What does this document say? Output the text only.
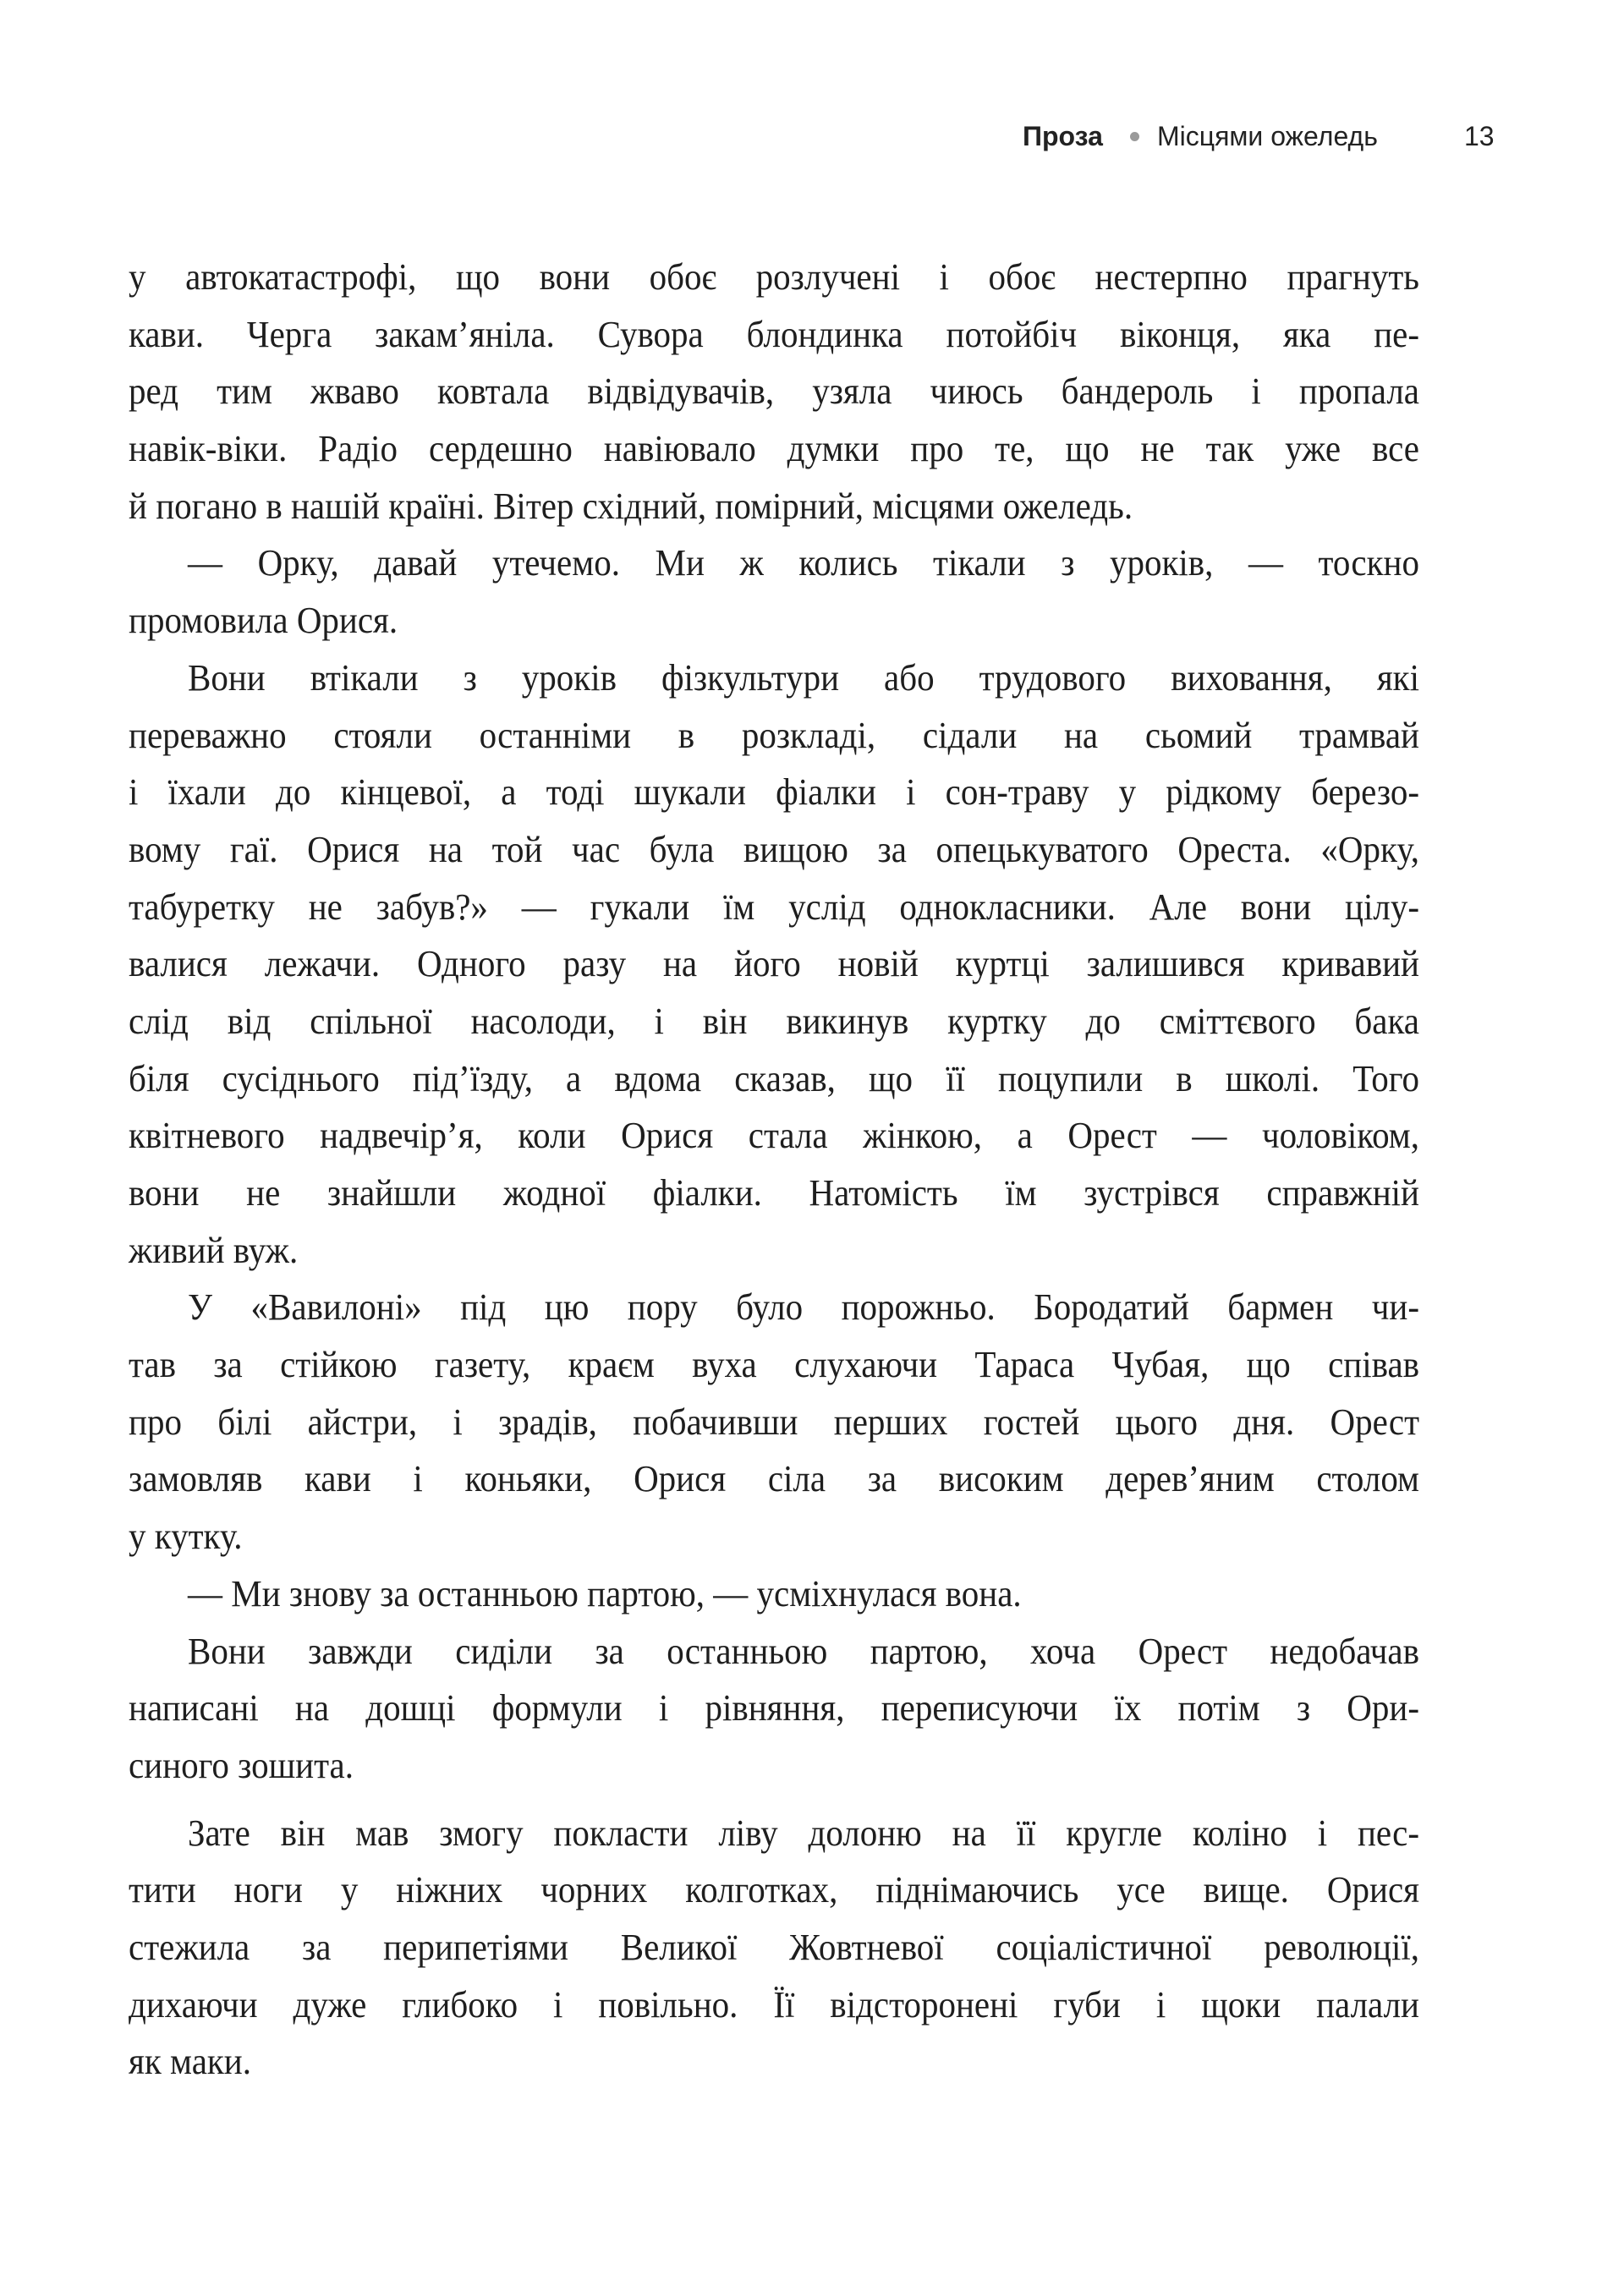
Проза Місцями ожеледь	13
у автокатастрофі, що вони обоє розлучені і обоє нестерпно прагнуть
кави. Черга закам’яніла. Сувора блондинка потойбіч віконця, яка пе-
ред тим жваво ковтала відвідувачів, узяла чиюсь бандероль і пропала
навік-віки. Радіо сердешно навіювало думки про те, що не так уже все
й погано в нашій країні. Вітер східний, помірний, місцями ожеледь.
— Орку, давай утечемо. Ми ж колись тікали з уроків, — тоскно
промовила Орися.
Вони втікали з уроків фізкультури або трудового виховання, які
переважно стояли останніми в розкладі, сідали на сьомий трамвай
і їхали до кінцевої, а тоді шукали фіалки і сон-траву у рідкому березо-
вому гаї. Орися на той час була вищою за опецькуватого Ореста. «Орку,
табуретку не забув?» — гукали їм услід однокласники. Але вони цілу-
валися лежачи. Одного разу на його новій куртці залишився кривавий
слід від спільної насолоди, і він викинув куртку до сміттєвого бака
біля сусіднього під’їзду, а вдома сказав, що її поцупили в школі. Того
квітневого надвечір’я, коли Орися стала жінкою, а Орест — чоловіком,
вони не знайшли жодної фіалки. Натомість їм зустрівся справжній
живий вуж.
У «Вавилоні» під цю пору було порожньо. Бородатий бармен чи-
тав за стійкою газету, краєм вуха слухаючи Тараса Чубая, що співав
про білі айстри, і зрадів, побачивши перших гостей цього дня. Орест
замовляв кави і коньяки, Орися сіла за високим дерев’яним столом
у кутку.
— Ми знову за останньою партою, — усміхнулася вона.
Вони завжди сиділи за останньою партою, хоча Орест недобачав
написані на дошці формули і рівняння, переписуючи їх потім з Ори-
синого зошита.
Зате він мав змогу покласти ліву долоню на її кругле коліно і пес-
тити ноги у ніжних чорних колготках, піднімаючись усе вище. Орися
стежила за перипетіями Великої Жовтневої соціалістичної революції,
дихаючи дуже глибоко і повільно. Її відсторонені губи і щоки палали
як маки.
